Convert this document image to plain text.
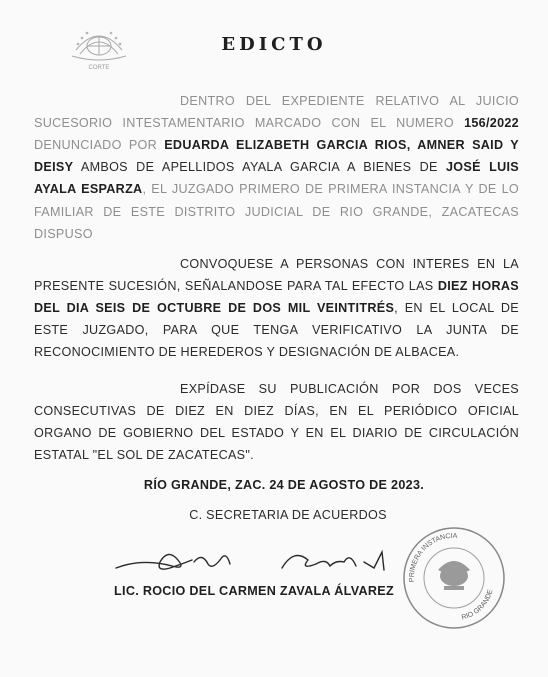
CORTE
EDICTO

DENTRO DEL EXPEDIENTE RELATIVO AL JUICIO SUCESORIO INTESTAMENTARIO MARCADO CON EL NUMERO 156/2022 DENUNCIADO POR EDUARDA ELIZABETH GARCIA RIOS, AMNER SAID Y DEISY AMBOS DE APELLIDOS AYALA GARCIA A BIENES DE JOSÉ LUIS AYALA ESPARZA, EL JUZGADO PRIMERO DE PRIMERA INSTANCIA Y DE LO FAMILIAR DE ESTE DISTRITO JUDICIAL DE RIO GRANDE, ZACATECAS DISPUSO

CONVOQUESE A PERSONAS CON INTERES EN LA PRESENTE SUCESIÓN, SEÑALANDOSE PARA TAL EFECTO LAS DIEZ HORAS DEL DIA SEIS DE OCTUBRE DE DOS MIL VEINTITRÉS, EN EL LOCAL DE ESTE JUZGADO, PARA QUE TENGA VERIFICATIVO LA JUNTA DE RECONOCIMIENTO DE HEREDEROS Y DESIGNACIÓN DE ALBACEA.

EXPÍDASE SU PUBLICACIÓN POR DOS VECES CONSECUTIVAS DE DIEZ EN DIEZ DÍAS, EN EL PERIÓDICO OFICIAL ORGANO DE GOBIERNO DEL ESTADO Y EN EL DIARIO DE CIRCULACIÓN ESTATAL "EL SOL DE ZACATECAS".

RÍO GRANDE, ZAC. 24 DE AGOSTO DE 2023.
C. SECRETARIA DE ACUERDOS
LIC. ROCIO DEL CARMEN ZAVALA ÁLVAREZ
PRIMERA INSTANCIA
RIO GRANDE
